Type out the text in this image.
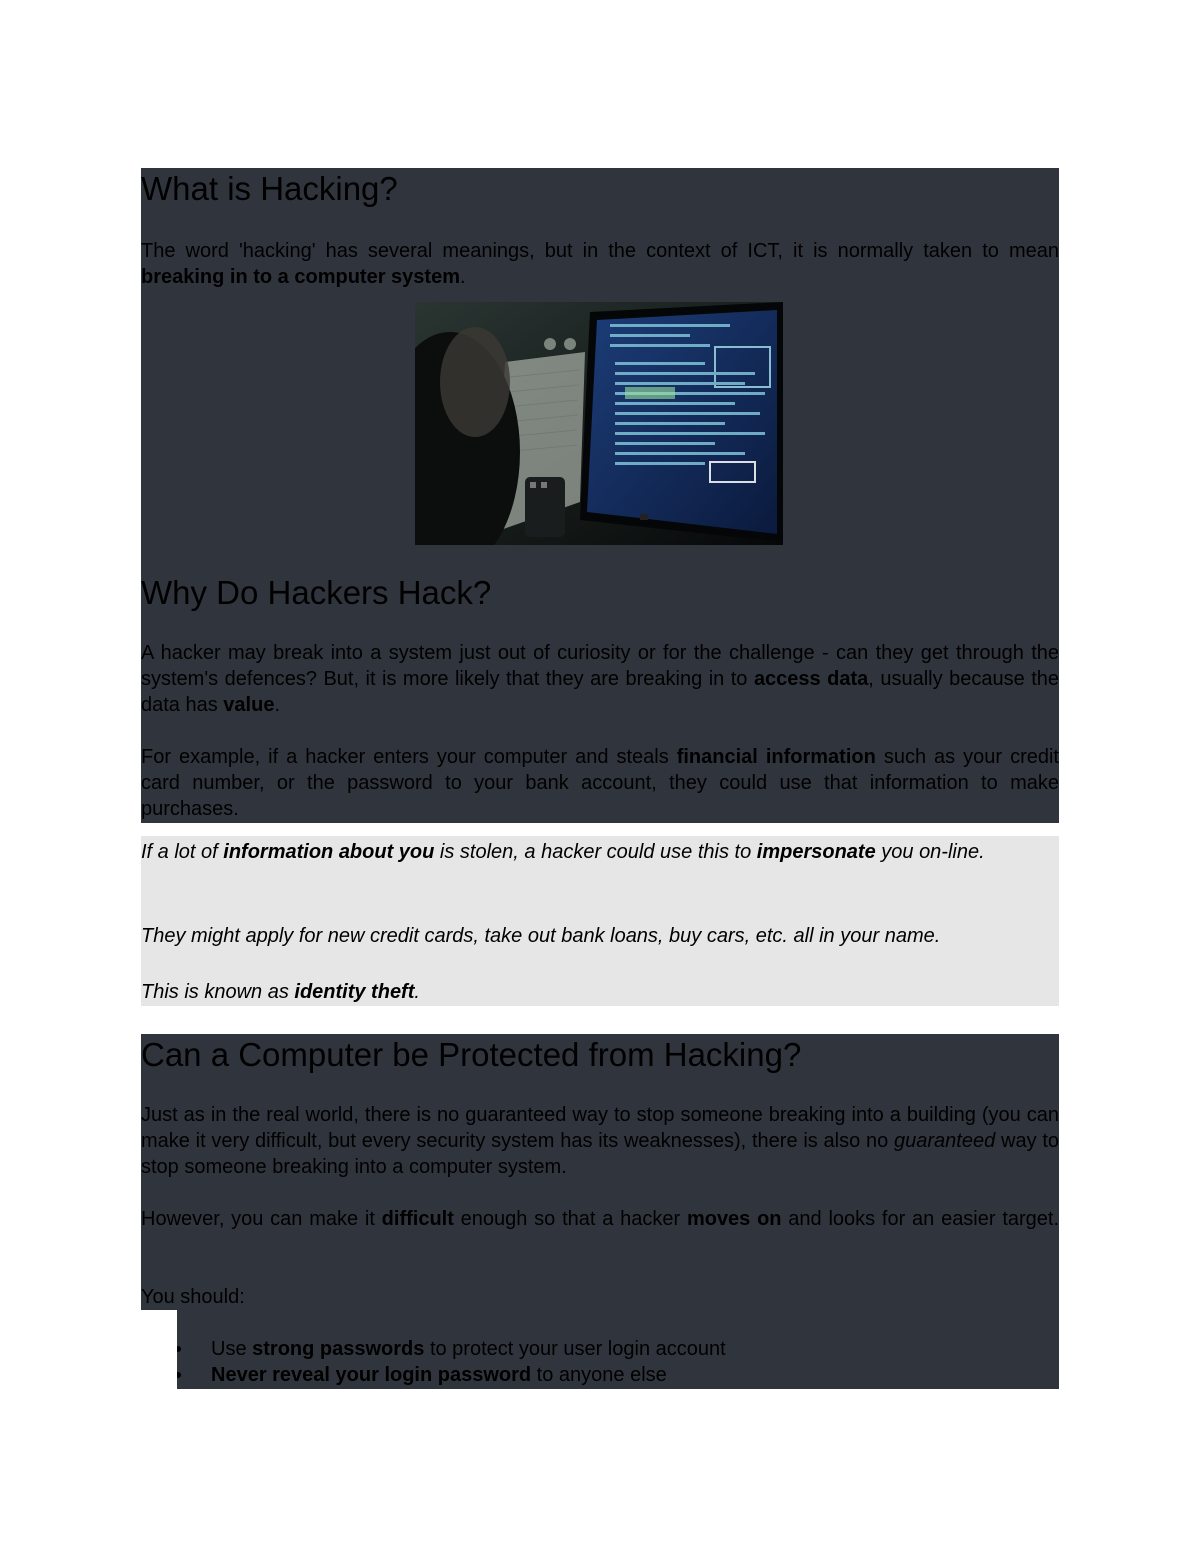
What is Hacking?

The word 'hacking' has several meanings, but in the context of ICT, it is normally taken to mean breaking in to a computer system.

Why Do Hackers Hack?

A hacker may break into a system just out of curiosity or for the challenge - can they get through the system's defences? But, it is more likely that they are breaking in to access data, usually because the data has value.

For example, if a hacker enters your computer and steals financial information such as your credit card number, or the password to your bank account, they could use that information to make purchases.

If a lot of information about you is stolen, a hacker could use this to impersonate you on-line.

They might apply for new credit cards, take out bank loans, buy cars, etc. all in your name.

This is known as identity theft.

Can a Computer be Protected from Hacking?

Just as in the real world, there is no guaranteed way to stop someone breaking into a building (you can make it very difficult, but every security system has its weaknesses), there is also no guaranteed way to stop someone breaking into a computer system.

However, you can make it difficult enough so that a hacker moves on and looks for an easier target.

You should:

Use strong passwords to protect your user login account
Never reveal your login password to anyone else
